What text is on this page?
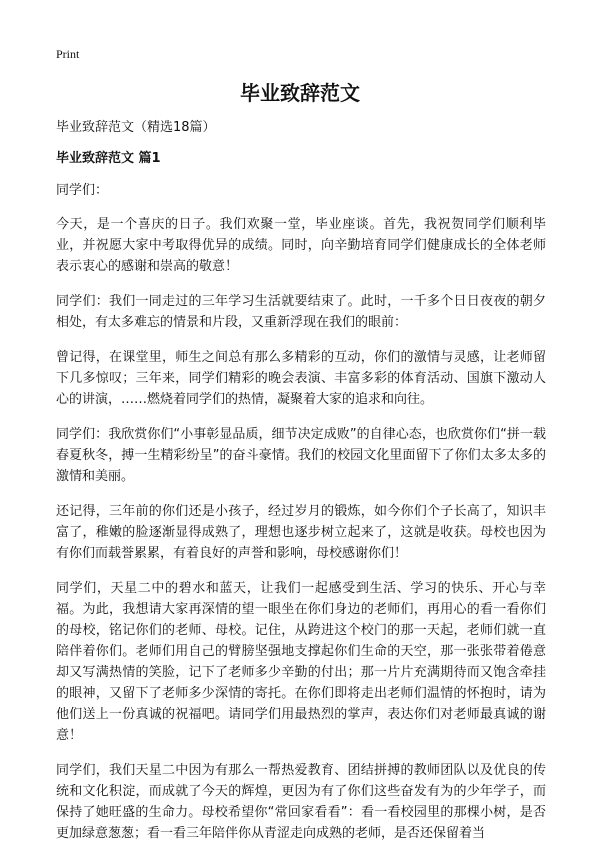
Print
毕业致辞范文

毕业致辞范文（精选18篇）

毕业致辞范文 篇1

同学们：

今天，是一个喜庆的日子。我们欢聚一堂，毕业座谈。首先，我祝贺同学们顺利毕业，并祝愿大家中考取得优异的成绩。同时，向辛勤培育同学们健康成长的全体老师表示衷心的感谢和崇高的敬意！

同学们：我们一同走过的三年学习生活就要结束了。此时，一千多个日日夜夜的朝夕相处，有太多难忘的情景和片段，又重新浮现在我们的眼前：

曾记得，在课堂里，师生之间总有那么多精彩的互动，你们的激情与灵感，让老师留下几多惊叹；三年来，同学们精彩的晚会表演、丰富多彩的体育活动、国旗下激动人心的讲演，……燃烧着同学们的热情，凝聚着大家的追求和向往。

同学们：我欣赏你们“小事彰显品质，细节决定成败”的自律心态，也欣赏你们“拼一载春夏秋冬，搏一生精彩纷呈”的奋斗豪情。我们的校园文化里面留下了你们太多太多的激情和美丽。

还记得，三年前的你们还是小孩子，经过岁月的锻炼，如今你们个子长高了，知识丰富了，稚嫩的脸逐渐显得成熟了，理想也逐步树立起来了，这就是收获。母校也因为有你们而载誉累累，有着良好的声誉和影响，母校感谢你们！

同学们，天星二中的碧水和蓝天，让我们一起感受到生活、学习的快乐、开心与幸福。为此，我想请大家再深情的望一眼坐在你们身边的老师们，再用心的看一看你们的母校，铭记你们的老师、母校。记住，从跨进这个校门的那一天起，老师们就一直陪伴着你们。老师们用自己的臂膀坚强地支撑起你们生命的天空，那一张张带着倦意却又写满热情的笑脸，记下了老师多少辛勤的付出；那一片片充满期待而又饱含牵挂的眼神，又留下了老师多少深情的寄托。在你们即将走出老师们温情的怀抱时，请为他们送上一份真诚的祝福吧。请同学们用最热烈的掌声，表达你们对老师最真诚的谢意！

同学们，我们天星二中因为有那么一帮热爱教育、团结拼搏的教师团队以及优良的传统和文化积淀，而成就了今天的辉煌，更因为有了你们这些奋发有为的少年学子，而保持了她旺盛的生命力。母校希望你“常回家看看”：看一看校园里的那棵小树，是否更加绿意葱葱；看一看三年陪伴你从青涩走向成熟的老师，是否还保留着当
